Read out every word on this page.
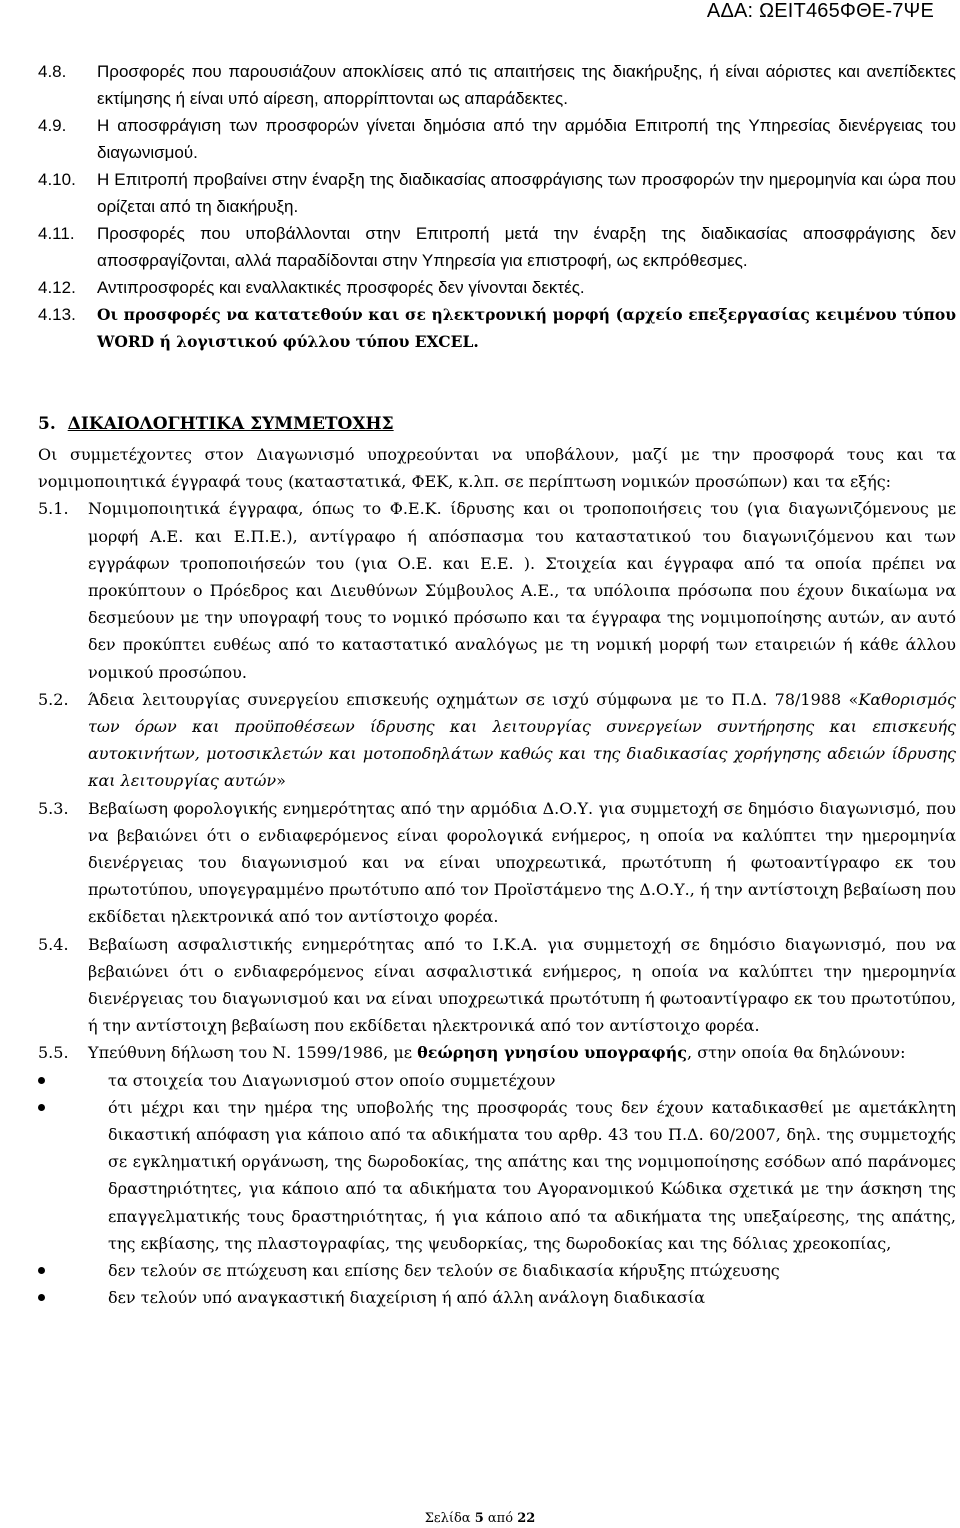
ΑΔΑ: ΩΕΙΤ465ΦΘΕ-7ΨΕ
4.8.	Προσφορές που παρουσιάζουν αποκλίσεις από τις απαιτήσεις της διακήρυξης, ή είναι αόριστες και ανεπίδεκτες εκτίμησης ή είναι υπό αίρεση, απορρίπτονται ως απαράδεκτες.
4.9.	Η αποσφράγιση των προσφορών γίνεται δημόσια από την αρμόδια Επιτροπή της Υπηρεσίας διενέργειας του διαγωνισμού.
4.10.	Η Επιτροπή προβαίνει στην έναρξη της διαδικασίας αποσφράγισης των προσφορών την ημερομηνία και ώρα που ορίζεται από τη διακήρυξη.
4.11.	Προσφορές που υποβάλλονται στην Επιτροπή μετά την έναρξη της διαδικασίας αποσφράγισης δεν αποσφραγίζονται, αλλά παραδίδονται στην Υπηρεσία για επιστροφή, ως εκπρόθεσμες.
4.12.	Αντιπροσφορές και εναλλακτικές προσφορές δεν γίνονται δεκτές.
4.13.	Οι προσφορές να κατατεθούν και σε ηλεκτρονική μορφή (αρχείο επεξεργασίας κειμένου τύπου WORD ή λογιστικού φύλλου τύπου EXCEL.
5. ΔΙΚΑΙΟΛΟΓΗΤΙΚΑ ΣΥΜΜΕΤΟΧΗΣ
Οι συμμετέχοντες στον Διαγωνισμό υποχρεούνται να υποβάλουν, μαζί με την προσφορά τους και τα νομιμοποιητικά έγγραφά τους (καταστατικά, ΦΕΚ, κ.λπ. σε περίπτωση νομικών προσώπων) και τα εξής:
5.1.	Νομιμοποιητικά έγγραφα, όπως το Φ.Ε.Κ. ίδρυσης και οι τροποποιήσεις του (για διαγωνιζόμενους με μορφή Α.Ε. και Ε.Π.Ε.), αντίγραφο ή απόσπασμα του καταστατικού του διαγωνιζόμενου και των εγγράφων τροποποιήσεών του (για Ο.Ε. και Ε.Ε. ). Στοιχεία και έγγραφα από τα οποία πρέπει να προκύπτουν ο Πρόεδρος και Διευθύνων Σύμβουλος Α.Ε., τα υπόλοιπα πρόσωπα που έχουν δικαίωμα να δεσμεύουν με την υπογραφή τους το νομικό πρόσωπο και τα έγγραφα της νομιμοποίησης αυτών, αν αυτό δεν προκύπτει ευθέως από το καταστατικό αναλόγως με τη νομική μορφή των εταιρειών ή κάθε άλλου νομικού προσώπου.
5.2.	Άδεια λειτουργίας συνεργείου επισκευής οχημάτων σε ισχύ σύμφωνα με το Π.Δ. 78/1988 «Καθορισμός των όρων και προϋποθέσεων ίδρυσης και λειτουργίας συνεργείων συντήρησης και επισκευής αυτοκινήτων, μοτοσικλετών και μοτοποδηλάτων καθώς και της διαδικασίας χορήγησης αδειών ίδρυσης και λειτουργίας αυτών»
5.3.	Βεβαίωση φορολογικής ενημερότητας από την αρμόδια Δ.Ο.Υ. για συμμετοχή σε δημόσιο διαγωνισμό, που να βεβαιώνει ότι ο ενδιαφερόμενος είναι φορολογικά ενήμερος, η οποία να καλύπτει την ημερομηνία διενέργειας του διαγωνισμού και να είναι υποχρεωτικά, πρωτότυπη ή φωτοαντίγραφο εκ του πρωτοτύπου, υπογεγραμμένο πρωτότυπο από τον Προϊστάμενο της Δ.Ο.Υ., ή την αντίστοιχη βεβαίωση που εκδίδεται ηλεκτρονικά από τον αντίστοιχο φορέα.
5.4.	Βεβαίωση ασφαλιστικής ενημερότητας από το Ι.Κ.Α. για συμμετοχή σε δημόσιο διαγωνισμό, που να βεβαιώνει ότι ο ενδιαφερόμενος είναι ασφαλιστικά ενήμερος, η οποία να καλύπτει την ημερομηνία διενέργειας του διαγωνισμού και να είναι υποχρεωτικά πρωτότυπη ή φωτοαντίγραφο εκ του πρωτοτύπου, ή την αντίστοιχη βεβαίωση που εκδίδεται ηλεκτρονικά από τον αντίστοιχο φορέα.
5.5.	Υπεύθυνη δήλωση του Ν. 1599/1986, με θεώρηση γνησίου υπογραφής, στην οποία θα δηλώνουν:
τα στοιχεία του Διαγωνισμού στον οποίο συμμετέχουν
ότι μέχρι και την ημέρα της υποβολής της προσφοράς τους δεν έχουν καταδικασθεί με αμετάκλητη δικαστική απόφαση για κάποιο από τα αδικήματα του αρθρ. 43 του Π.Δ. 60/2007, δηλ. της συμμετοχής σε εγκληματική οργάνωση, της δωροδοκίας, της απάτης και της νομιμοποίησης εσόδων από παράνομες δραστηριότητες, για κάποιο από τα αδικήματα του Αγορανομικού Κώδικα σχετικά με την άσκηση της επαγγελματικής τους δραστηριότητας, ή για κάποιο από τα αδικήματα της υπεξαίρεσης, της απάτης, της εκβίασης, της πλαστογραφίας, της ψευδορκίας, της δωροδοκίας και της δόλιας χρεοκοπίας,
δεν τελούν σε πτώχευση και επίσης δεν τελούν σε διαδικασία κήρυξης πτώχευσης
δεν τελούν υπό αναγκαστική διαχείριση ή από άλλη ανάλογη διαδικασία
Σελίδα 5 από 22
